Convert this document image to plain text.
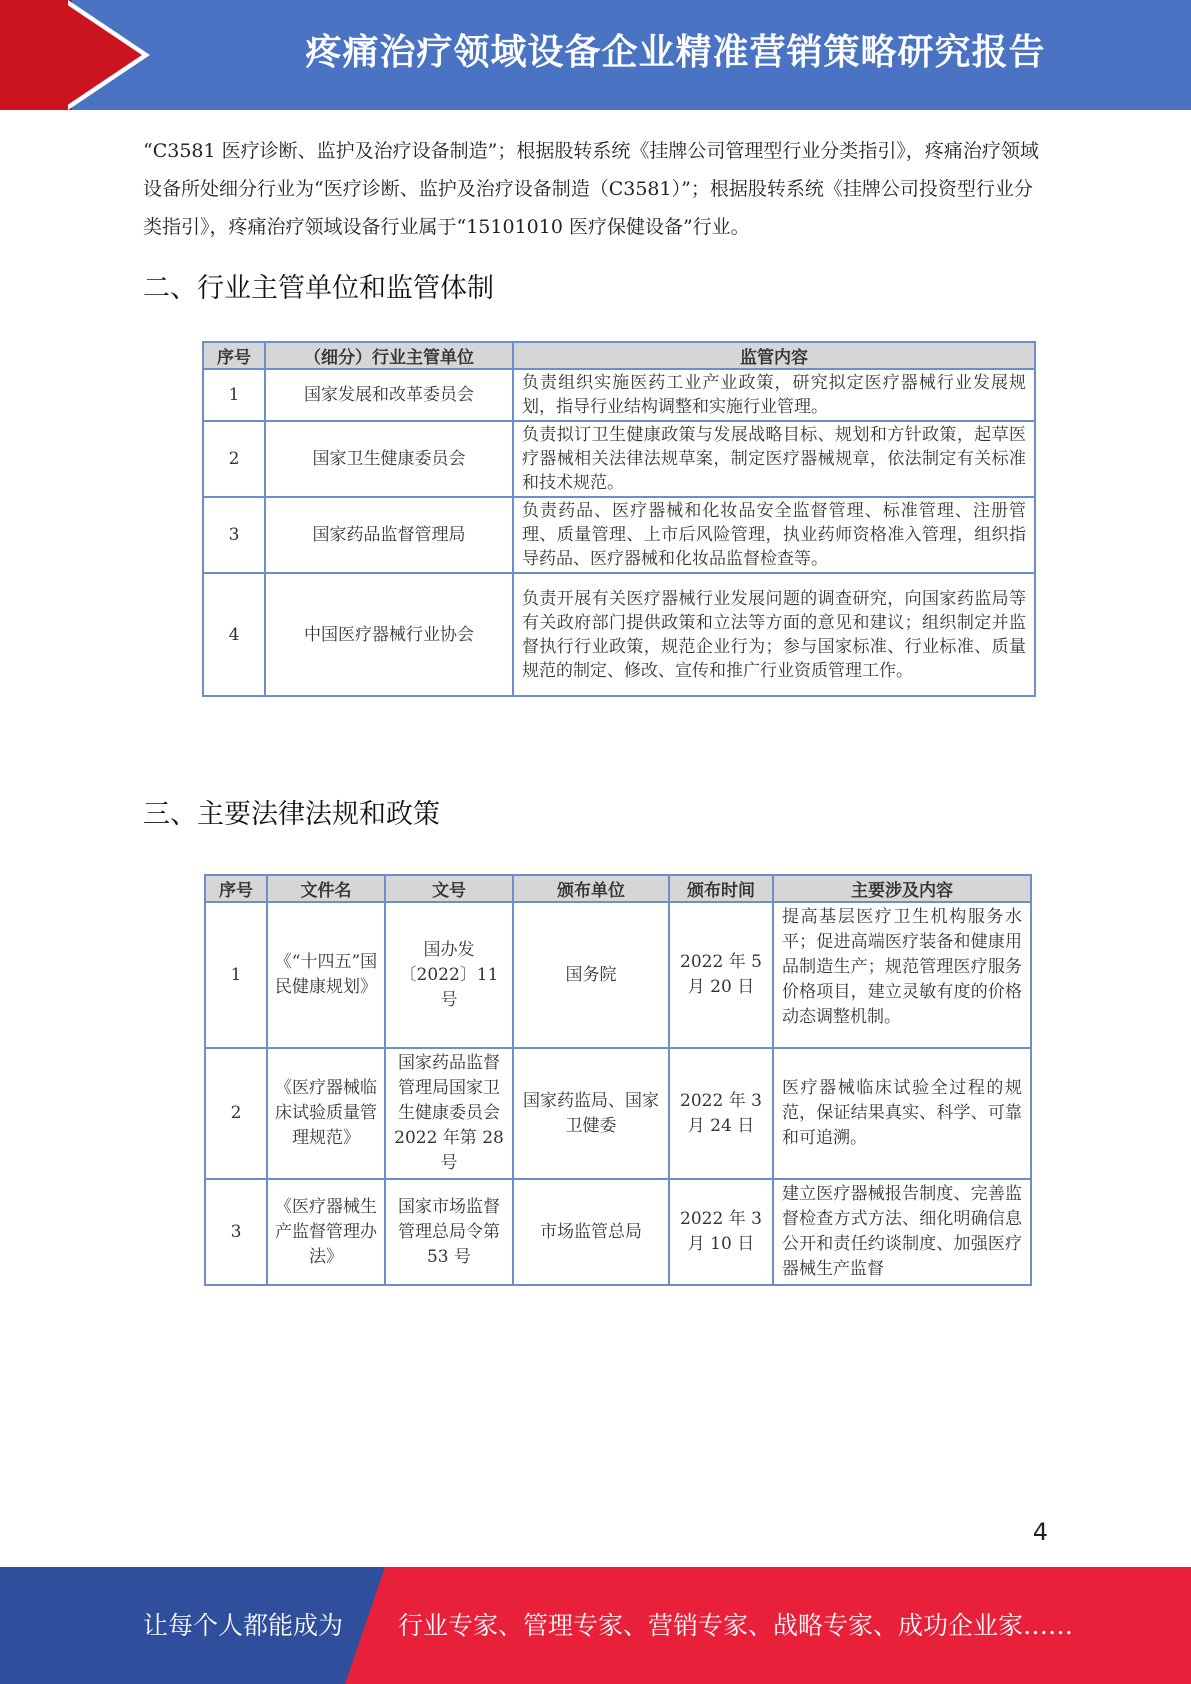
疼痛治疗领域设备企业精准营销策略研究报告
“C3581 医疗诊断、监护及治疗设备制造”；根据股转系统《挂牌公司管理型行业分类指引》，疼痛治疗领域设备所处细分行业为“医疗诊断、监护及治疗设备制造（C3581）”；根据股转系统《挂牌公司投资型行业分类指引》，疼痛治疗领域设备行业属于“15101010 医疗保健设备”行业。
二、行业主管单位和监管体制
序号	（细分）行业主管单位	监管内容
1	国家发展和改革委员会	负责组织实施医药工业产业政策，研究拟定医疗器械行业发展规划，指导行业结构调整和实施行业管理。
2	国家卫生健康委员会	负责拟订卫生健康政策与发展战略目标、规划和方针政策，起草医疗器械相关法律法规草案，制定医疗器械规章，依法制定有关标准和技术规范。
3	国家药品监督管理局	负责药品、医疗器械和化妆品安全监督管理、标准管理、注册管理、质量管理、上市后风险管理，执业药师资格准入管理，组织指导药品、医疗器械和化妆品监督检查等。
4	中国医疗器械行业协会	负责开展有关医疗器械行业发展问题的调查研究，向国家药监局等有关政府部门提供政策和立法等方面的意见和建议；组织制定并监督执行行业政策，规范企业行为；参与国家标准、行业标准、质量规范的制定、修改、宣传和推广行业资质管理工作。
三、主要法律法规和政策
序号	文件名	文号	颁布单位	颁布时间	主要涉及内容
1	《“十四五”国民健康规划》	国办发〔2022〕11号	国务院	2022 年 5 月 20 日	提高基层医疗卫生机构服务水平；促进高端医疗装备和健康用品制造生产；规范管理医疗服务价格项目，建立灵敏有度的价格动态调整机制。
2	《医疗器械临床试验质量管理规范》	国家药品监督管理局国家卫生健康委员会 2022 年第 28 号	国家药监局、国家卫健委	2022 年 3 月 24 日	医疗器械临床试验全过程的规范，保证结果真实、科学、可靠和可追溯。
3	《医疗器械生产监督管理办法》	国家市场监督管理总局令第 53 号	市场监管总局	2022 年 3 月 10 日	建立医疗器械报告制度、完善监督检查方式方法、细化明确信息公开和责任约谈制度、加强医疗器械生产监督
4
让每个人都能成为 行业专家、管理专家、营销专家、战略专家、成功企业家……
